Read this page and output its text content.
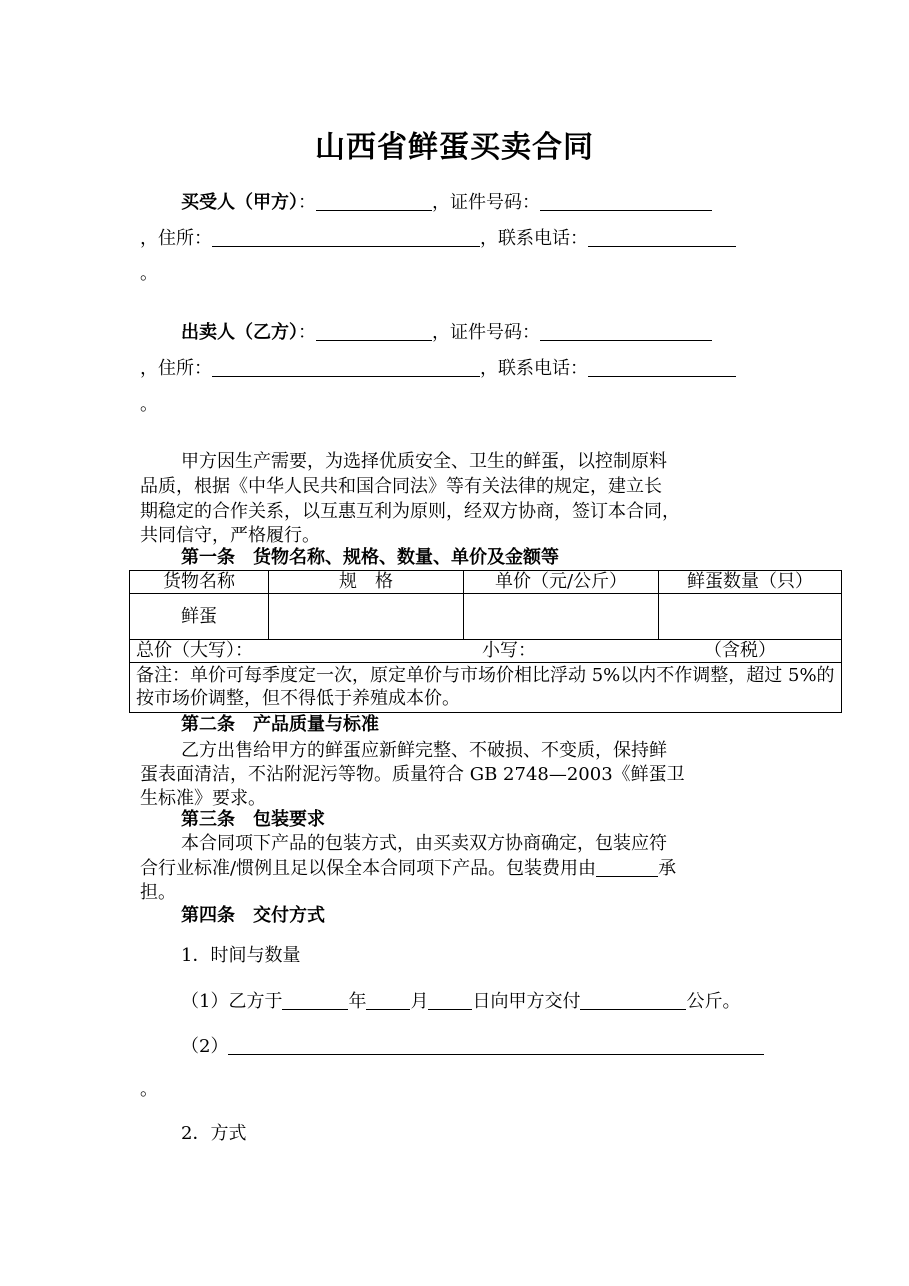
山西省鲜蛋买卖合同
买受人（甲方）：	，证件号码：
，住所：	，联系电话：
。
出卖人（乙方）：	，证件号码：
，住所：	，联系电话：
。
甲方因生产需要，为选择优质安全、卫生的鲜蛋，以控制原料
品质，根据《中华人民共和国合同法》等有关法律的规定，建立长
期稳定的合作关系，以互惠互利为原则，经双方协商，签订本合同，
共同信守，严格履行。
第一条　货物名称、规格、数量、单价及金额等
货物名称	规　格	单价（元/公斤）	鲜蛋数量（只）
鲜蛋			
总价（大写）： 小写： （含税）			

备注：单价可每季度定一次，原定单价与市场价相比浮动 5%以内不作调整，超过 5%的按市场价调整，但不得低于养殖成本价。			
第二条　产品质量与标准
乙方出售给甲方的鲜蛋应新鲜完整、不破损、不变质，保持鲜
蛋表面清洁，不沾附泥污等物。质量符合 GB 2748—2003《鲜蛋卫
生标准》要求。
第三条　包装要求
本合同项下产品的包装方式，由买卖双方协商确定，包装应符
合行业标准/惯例且足以保全本合同项下产品。包装费用由	承
担。
第四条　交付方式
1．时间与数量
（1）乙方于	年 月 日向甲方交付	公斤。
（2）
。
2．方式
